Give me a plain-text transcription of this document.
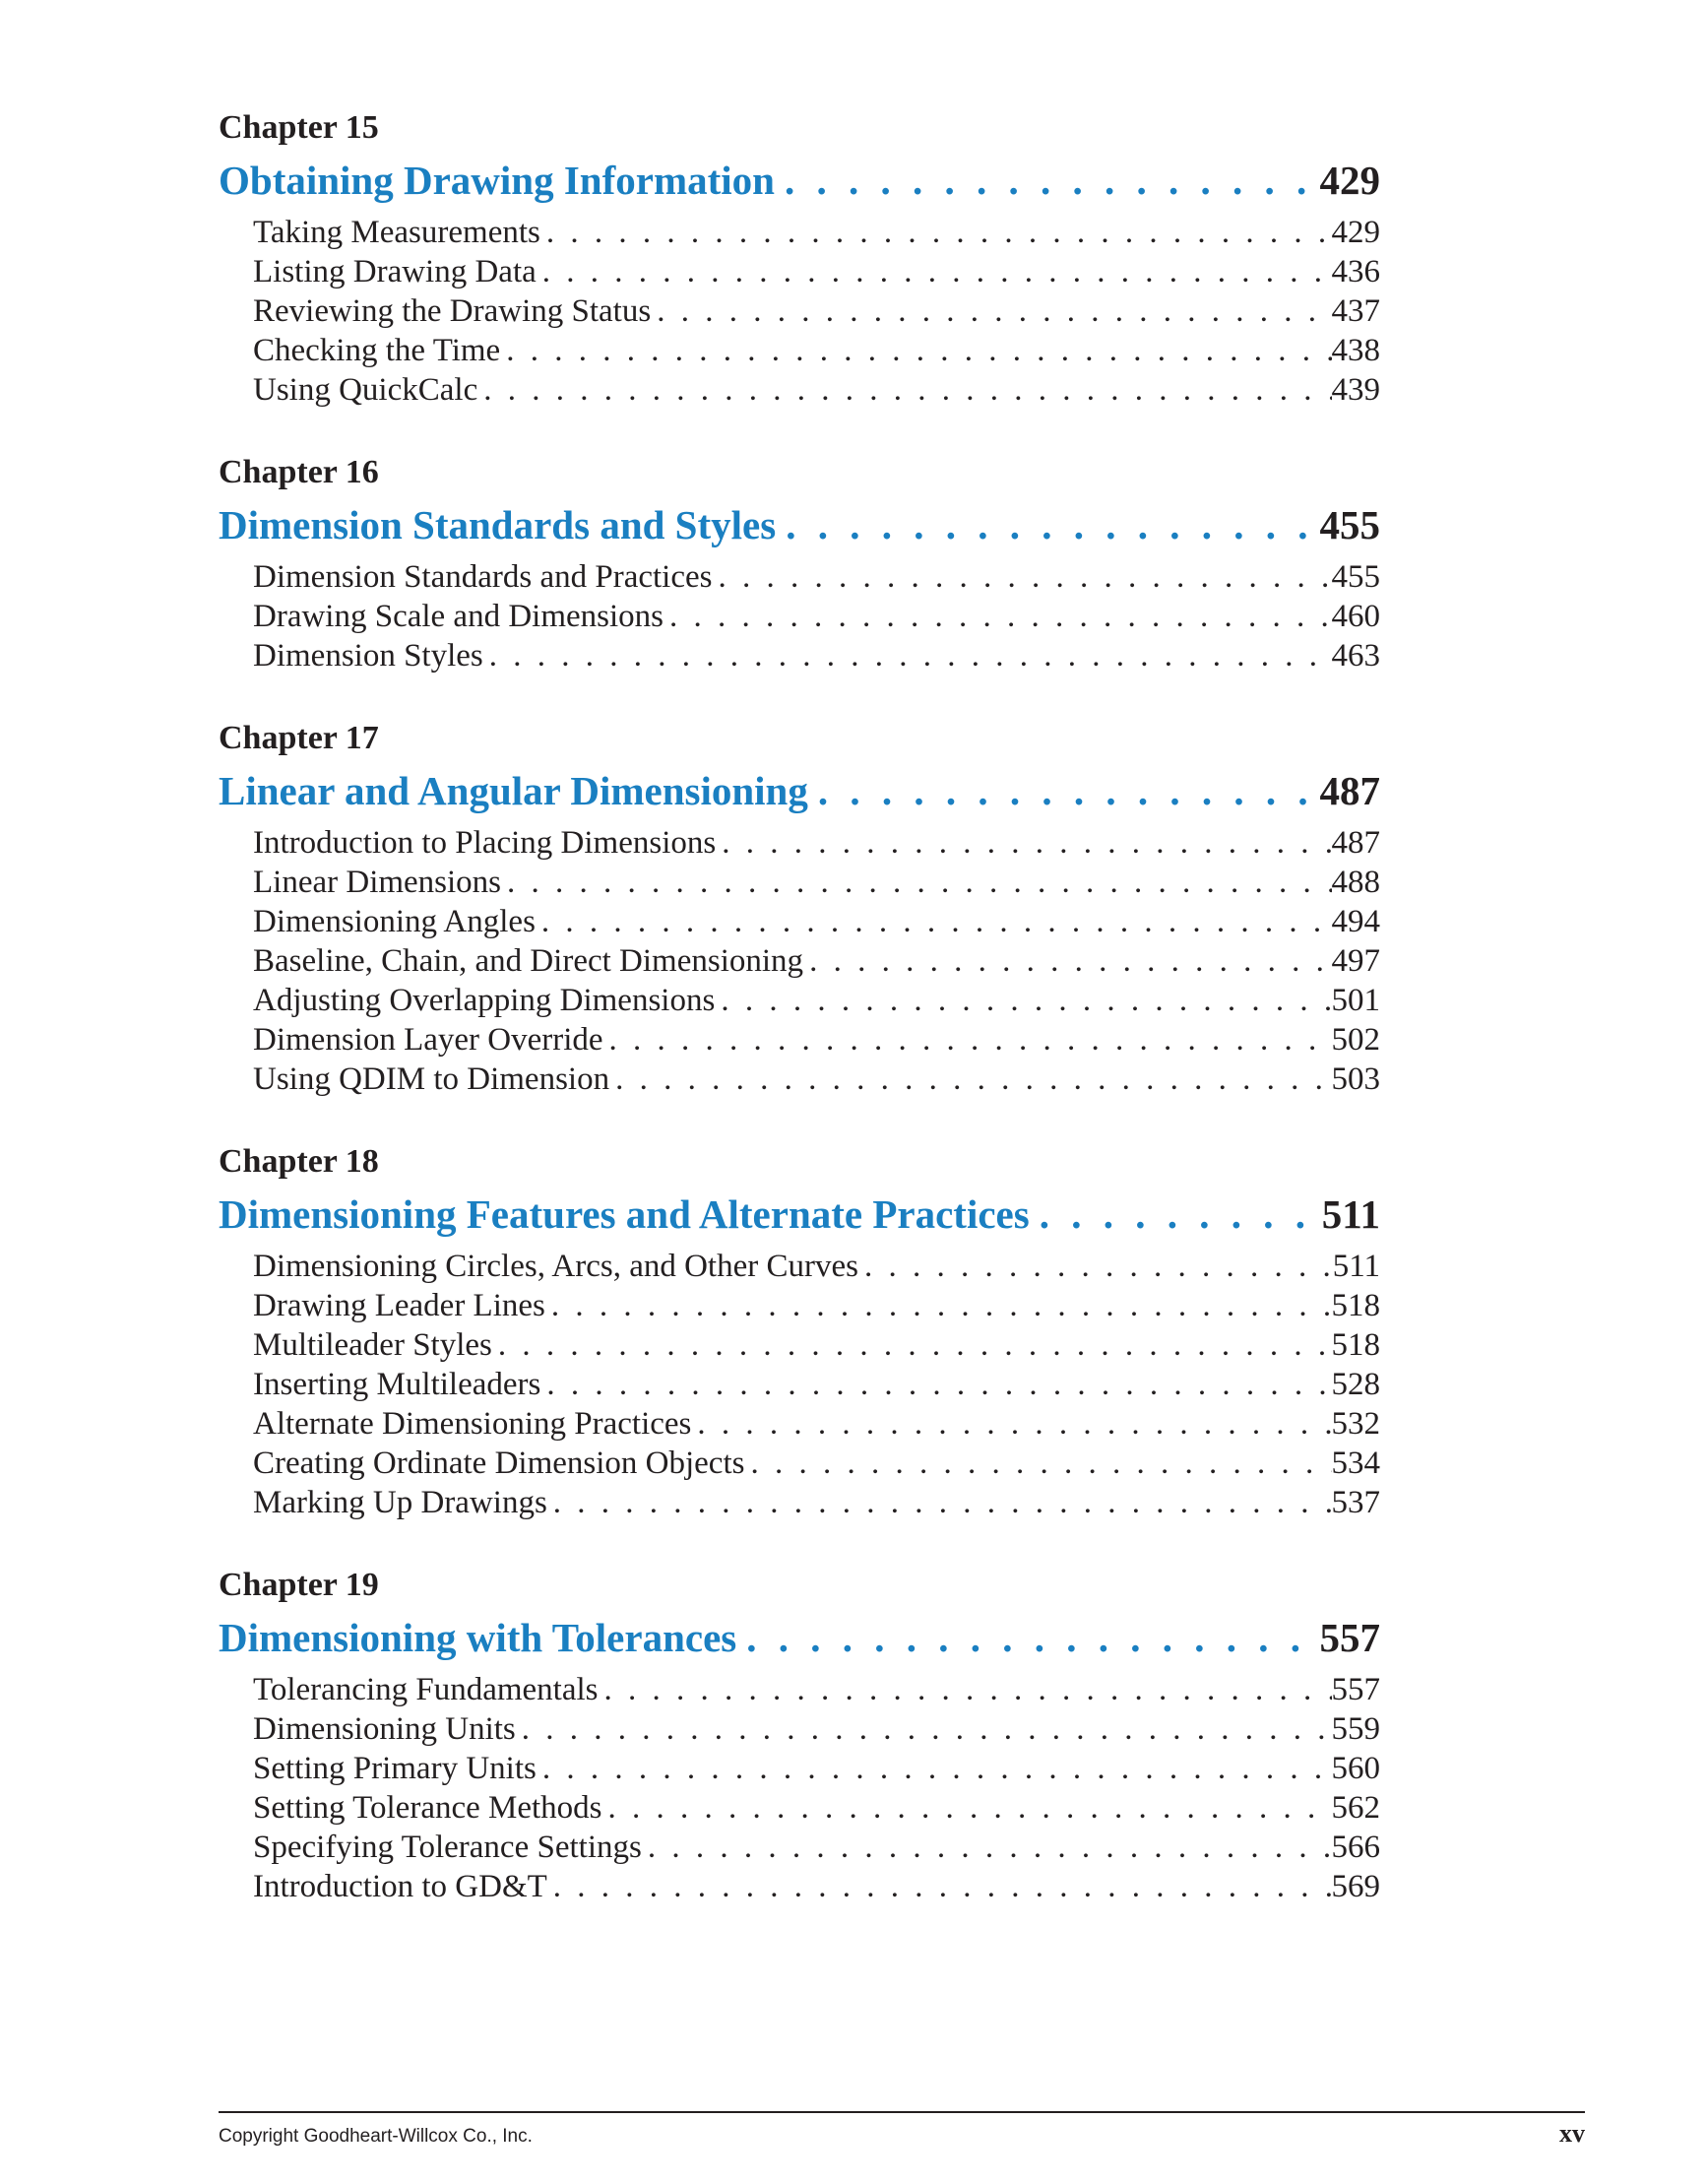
Chapter 15
Obtaining Drawing Information . . .	429
Taking Measurements . . .	429
Listing Drawing Data . . .	436
Reviewing the Drawing Status . . .	437
Checking the Time . . .	438
Using QuickCalc . . .	439
Chapter 16
Dimension Standards and Styles . . .	455
Dimension Standards and Practices . . .	455
Drawing Scale and Dimensions . . .	460
Dimension Styles . . .	463
Chapter 17
Linear and Angular Dimensioning . . .	487
Introduction to Placing Dimensions . . .	487
Linear Dimensions . . .	488
Dimensioning Angles . . .	494
Baseline, Chain, and Direct Dimensioning . . .	497
Adjusting Overlapping Dimensions . . .	501
Dimension Layer Override . . .	502
Using QDIM to Dimension . . .	503
Chapter 18
Dimensioning Features and Alternate Practices . . .	511
Dimensioning Circles, Arcs, and Other Curves . . .	511
Drawing Leader Lines . . .	518
Multileader Styles . . .	518
Inserting Multileaders . . .	528
Alternate Dimensioning Practices . . .	532
Creating Ordinate Dimension Objects . . .	534
Marking Up Drawings . . .	537
Chapter 19
Dimensioning with Tolerances . . .	557
Tolerancing Fundamentals . . .	557
Dimensioning Units . . .	559
Setting Primary Units . . .	560
Setting Tolerance Methods . . .	562
Specifying Tolerance Settings . . .	566
Introduction to GD&T . . .	569
Copyright Goodheart-Willcox Co., Inc.	xv
